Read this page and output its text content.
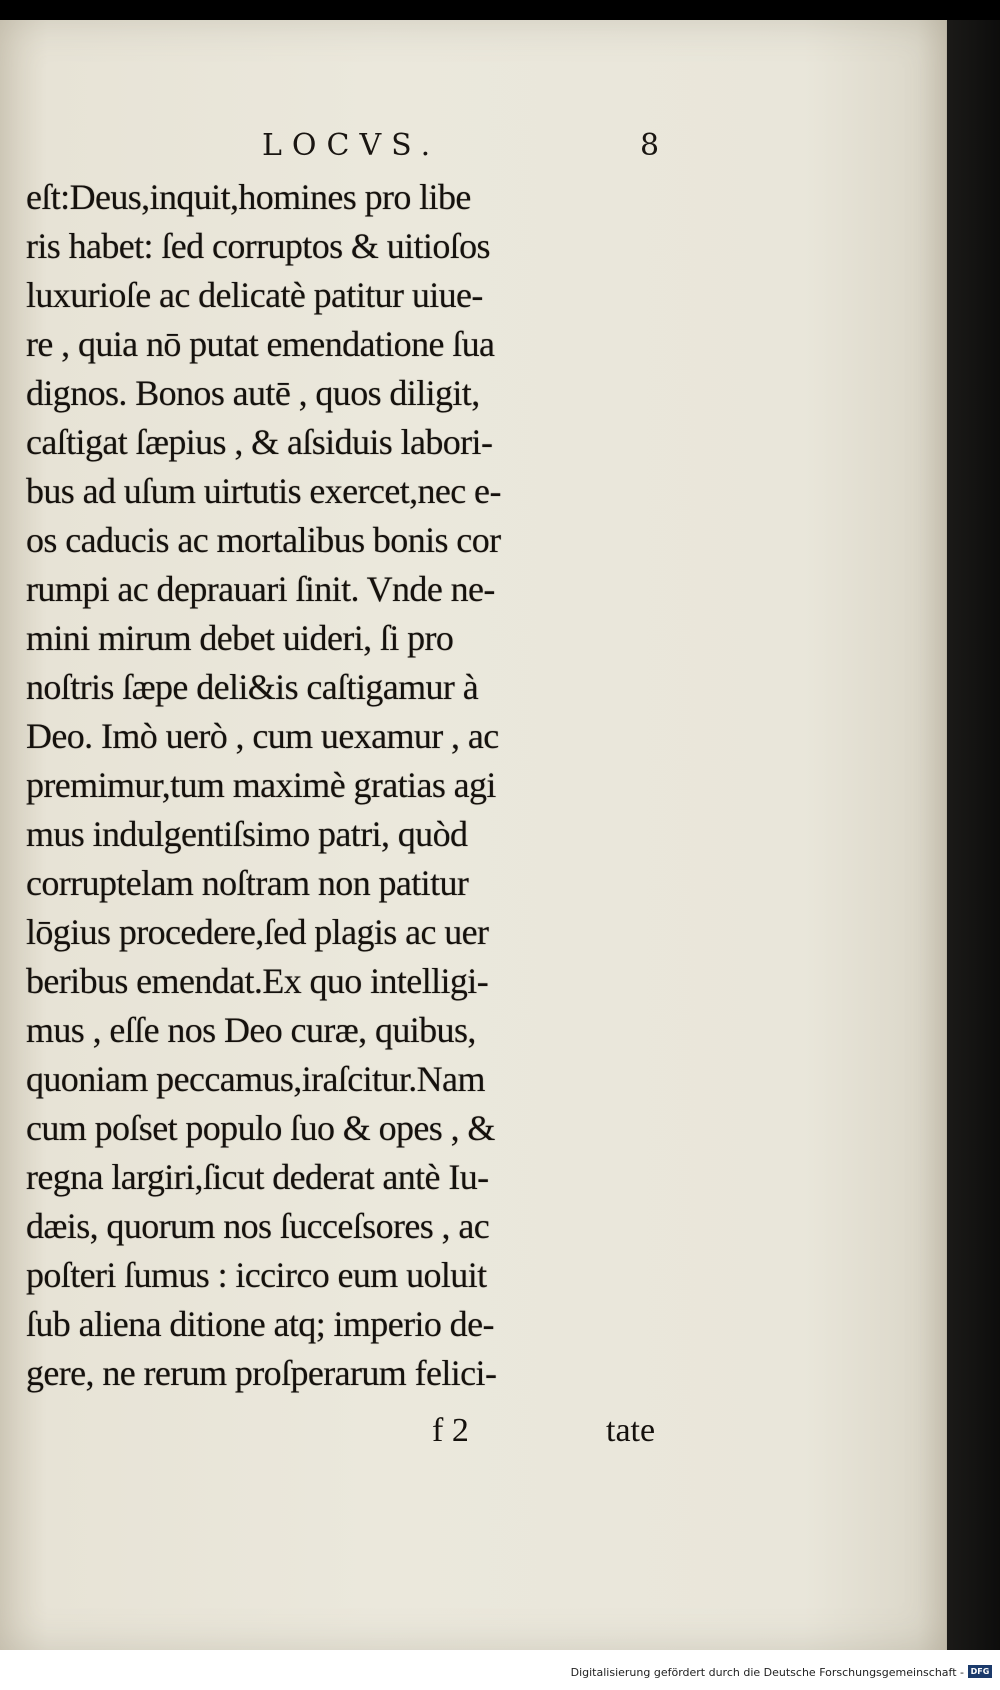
LOCVS.	8
eſt:Deus,inquit,homines pro libe
ris habet: ſed corruptos & uitioſos
luxurioſe ac delicatè patitur uiue-
re , quia nō putat emendatione ſua
dignos. Bonos autē , quos diligit,
caſtigat ſæpius , & aſsiduis labori-
bus ad uſum uirtutis exercet,nec e-
os caducis ac mortalibus bonis cor
rumpi ac deprauari ſinit. Vnde ne-
mini mirum debet uideri, ſi pro
noſtris ſæpe deli&is caſtigamur à
Deo. Imò uerò , cum uexamur , ac
premimur,tum maximè gratias agi
mus indulgentiſsimo patri, quòd
corruptelam noſtram non patitur
lōgius procedere,ſed plagis ac uer
beribus emendat.Ex quo intelligi-
mus , eſſe nos Deo curæ, quibus,
quoniam peccamus,iraſcitur.Nam
cum poſset populo ſuo & opes , &
regna largiri,ſicut dederat antè Iu-
dæis, quorum nos ſucceſsores , ac
poſteri ſumus : iccirco eum uoluit
ſub aliena ditione atq; imperio de-
gere, ne rerum proſperarum felici-
f 2	tate
Digitalisierung gefördert durch die Deutsche Forschungsgemeinschaft - DFG
